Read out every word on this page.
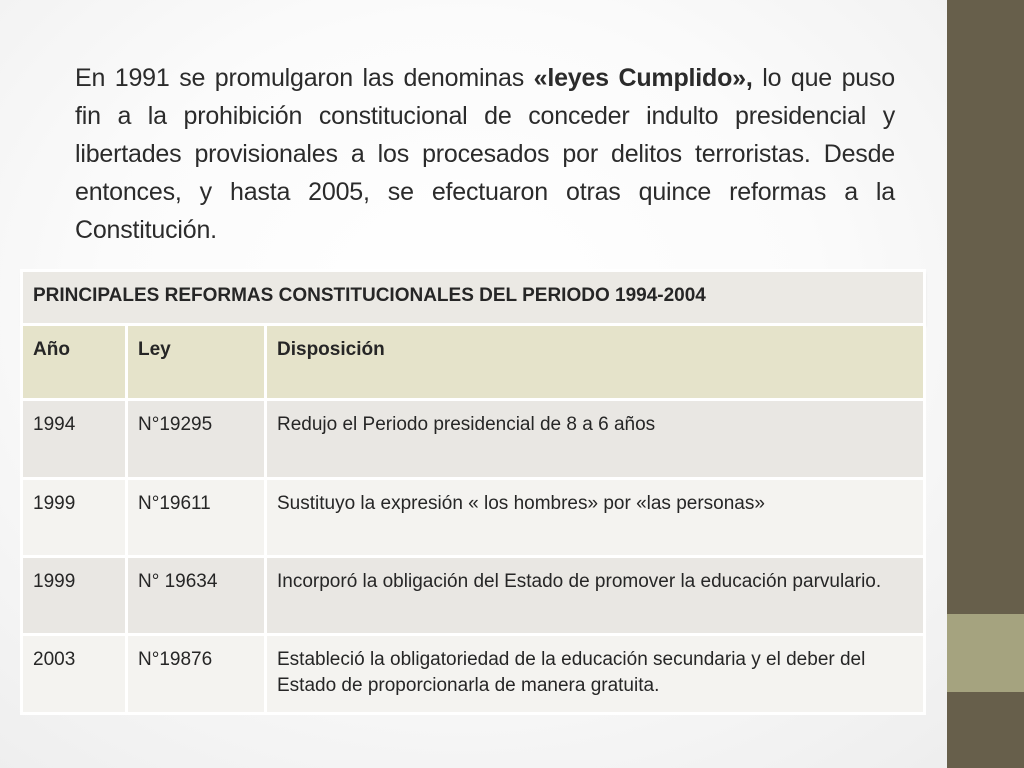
En 1991 se promulgaron las denominas «leyes Cumplido», lo que puso fin a la prohibición constitucional de conceder indulto presidencial y libertades provisionales a los procesados por delitos terroristas. Desde entonces, y hasta 2005, se efectuaron otras quince reformas a la Constitución.

PRINCIPALES REFORMAS CONSTITUCIONALES DEL PERIODO 1994-2004		
Año	Ley	Disposición
1994	N°19295	Redujo el Periodo presidencial de 8 a 6 años
1999	N°19611	Sustituyo la expresión « los hombres» por «las personas»
1999	N° 19634	Incorporó la obligación del Estado de promover la educación parvulario.
2003	N°19876	Estableció la obligatoriedad de la educación secundaria y el deber del Estado de proporcionarla de manera gratuita.
